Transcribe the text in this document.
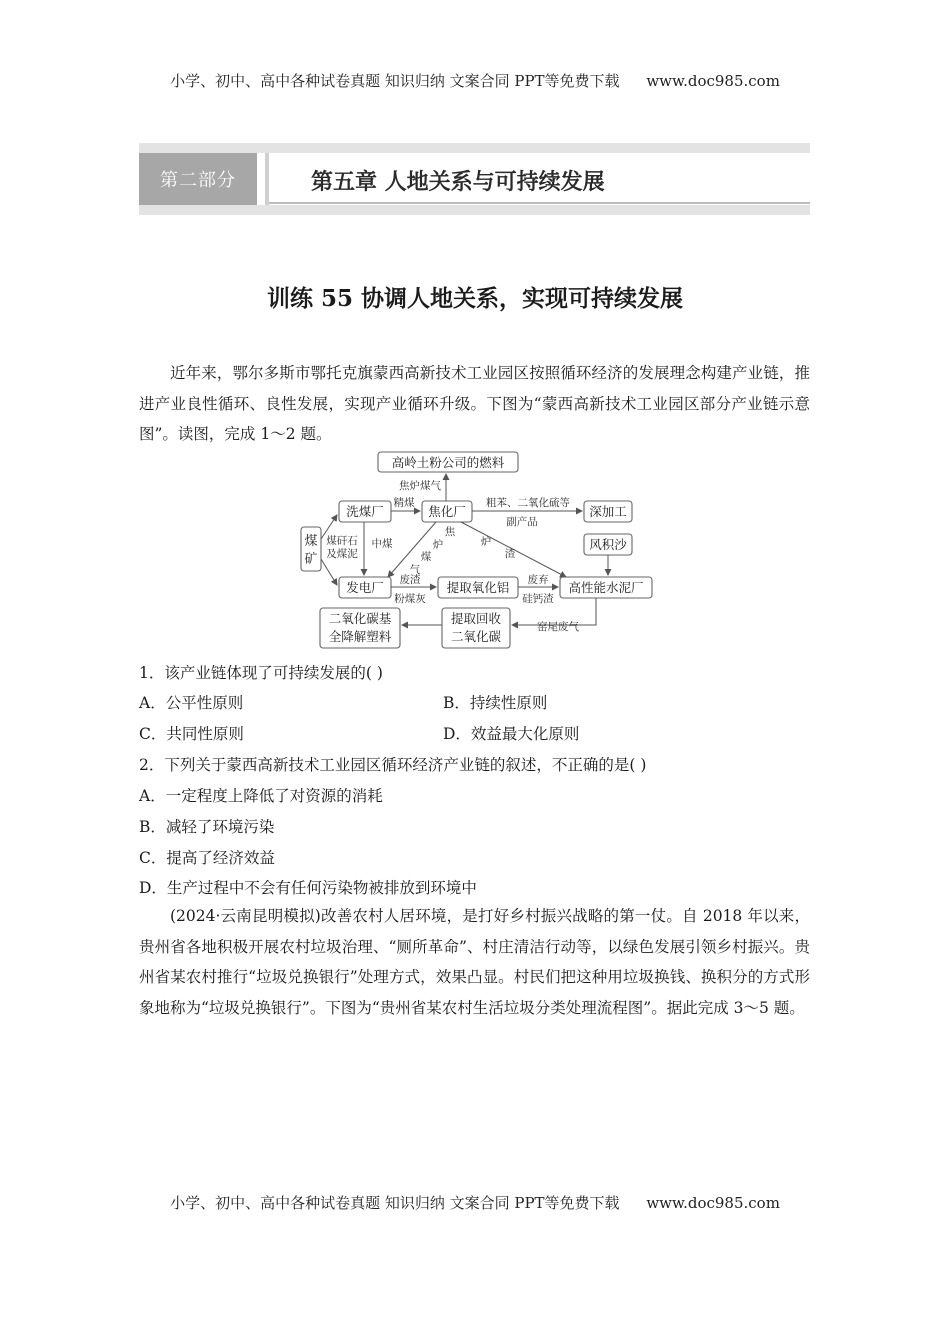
小学、初中、高中各种试卷真题 知识归纳 文案合同 PPT等免费下载 www.doc985.com
第二部分	第五章 人地关系与可持续发展
训练 55 协调人地关系，实现可持续发展
近年来，鄂尔多斯市鄂托克旗蒙西高新技术工业园区按照循环经济的发展理念构建产业链，推进产业良性循环、良性发展，实现产业循环升级。下图为“蒙西高新技术工业园区部分产业链示意图”。读图，完成 1～2 题。
高岭土粉公司的燃料
洗煤厂	焦化厂	深加工
风积沙
发电厂	提取氧化铝	高性能水泥厂
煤矿
二氧化碳基全降解塑料
提取回收二氧化碳
焦炉煤气
精煤	粗苯、二氧化硫等
副产品
煤矸石
及煤泥
中煤
废渣
粉煤灰
废弃
硅钙渣
窑尾废气
焦
炉
煤
气
炉
渣
1．该产业链体现了可持续发展的( )
A．公平性原则	B．持续性原则
C．共同性原则	D．效益最大化原则
2．下列关于蒙西高新技术工业园区循环经济产业链的叙述，不正确的是( )
A．一定程度上降低了对资源的消耗
B．减轻了环境污染
C．提高了经济效益
D．生产过程中不会有任何污染物被排放到环境中
(2024·云南昆明模拟)改善农村人居环境，是打好乡村振兴战略的第一仗。自 2018 年以来，贵州省各地积极开展农村垃圾治理、“厕所革命”、村庄清洁行动等，以绿色发展引领乡村振兴。贵州省某农村推行“垃圾兑换银行”处理方式，效果凸显。村民们把这种用垃圾换钱、换积分的方式形象地称为“垃圾兑换银行”。下图为“贵州省某农村生活垃圾分类处理流程图”。据此完成 3～5 题。
小学、初中、高中各种试卷真题 知识归纳 文案合同 PPT等免费下载 www.doc985.com
